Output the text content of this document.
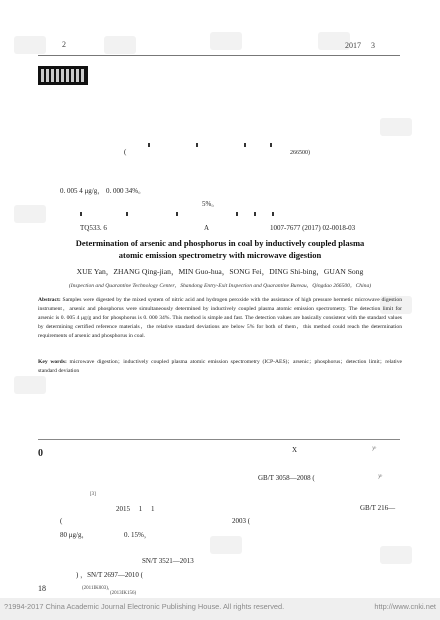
2	2017　 3
(	266500)
0. 005 4 μg/g， 0. 000 34%。
5%。
TQ533. 6	A	1007-7677 (2017) 02-0018-03
Determination of arsenic and phosphorus in coal by inductively coupled plasma
atomic emission spectrometry with microwave digestion
XUE Yan，ZHANG Qing-jian，MIN Guo-hua，SONG Fei，DING Shi-bing，GUAN Song
(Inspection and Quarantine Technology Center，Shandong Entry-Exit Inspection and Quarantine Bureau，Qingdao 266500，China)
Abstract: Samples were digested by the mixed system of nitric acid and hydrogen peroxide with the assistance of high pressure hermetic microwave digestion instrument，arsenic and phosphorus were simultaneously determined by inductively coupled plasma atomic emission spectrometry. The detection limit for arsenic is 0. 005 4 μg/g and for phosphorus is 0. 000 34%. This method is simple and fast. The detection values are basically consistent with the standard values by determining certified reference materials，the relative standard deviations are below 5% for both of them，this method could reach the determination requirements of arsenic and phosphorus in coal.
Key words: microwave digestion；inductively coupled plasma atomic emission spectrometry (ICP-AES)；arsenic；phosphorus；detection limit；relative standard deviation
0	X	)¹⁾
GB/T 3058—2008 (	)²⁾
[3]
2015　 1　 1	GB/T 216—
(	2003 (
80 μg/g，	0. 15%，
SN/T 3521—2013
) ，SN/T 2697—2010 (
(2011IK003)，
(2013IK156)
18
?1994-2017 China Academic Journal Electronic Publishing House. All rights reserved.	http://www.cnki.net
